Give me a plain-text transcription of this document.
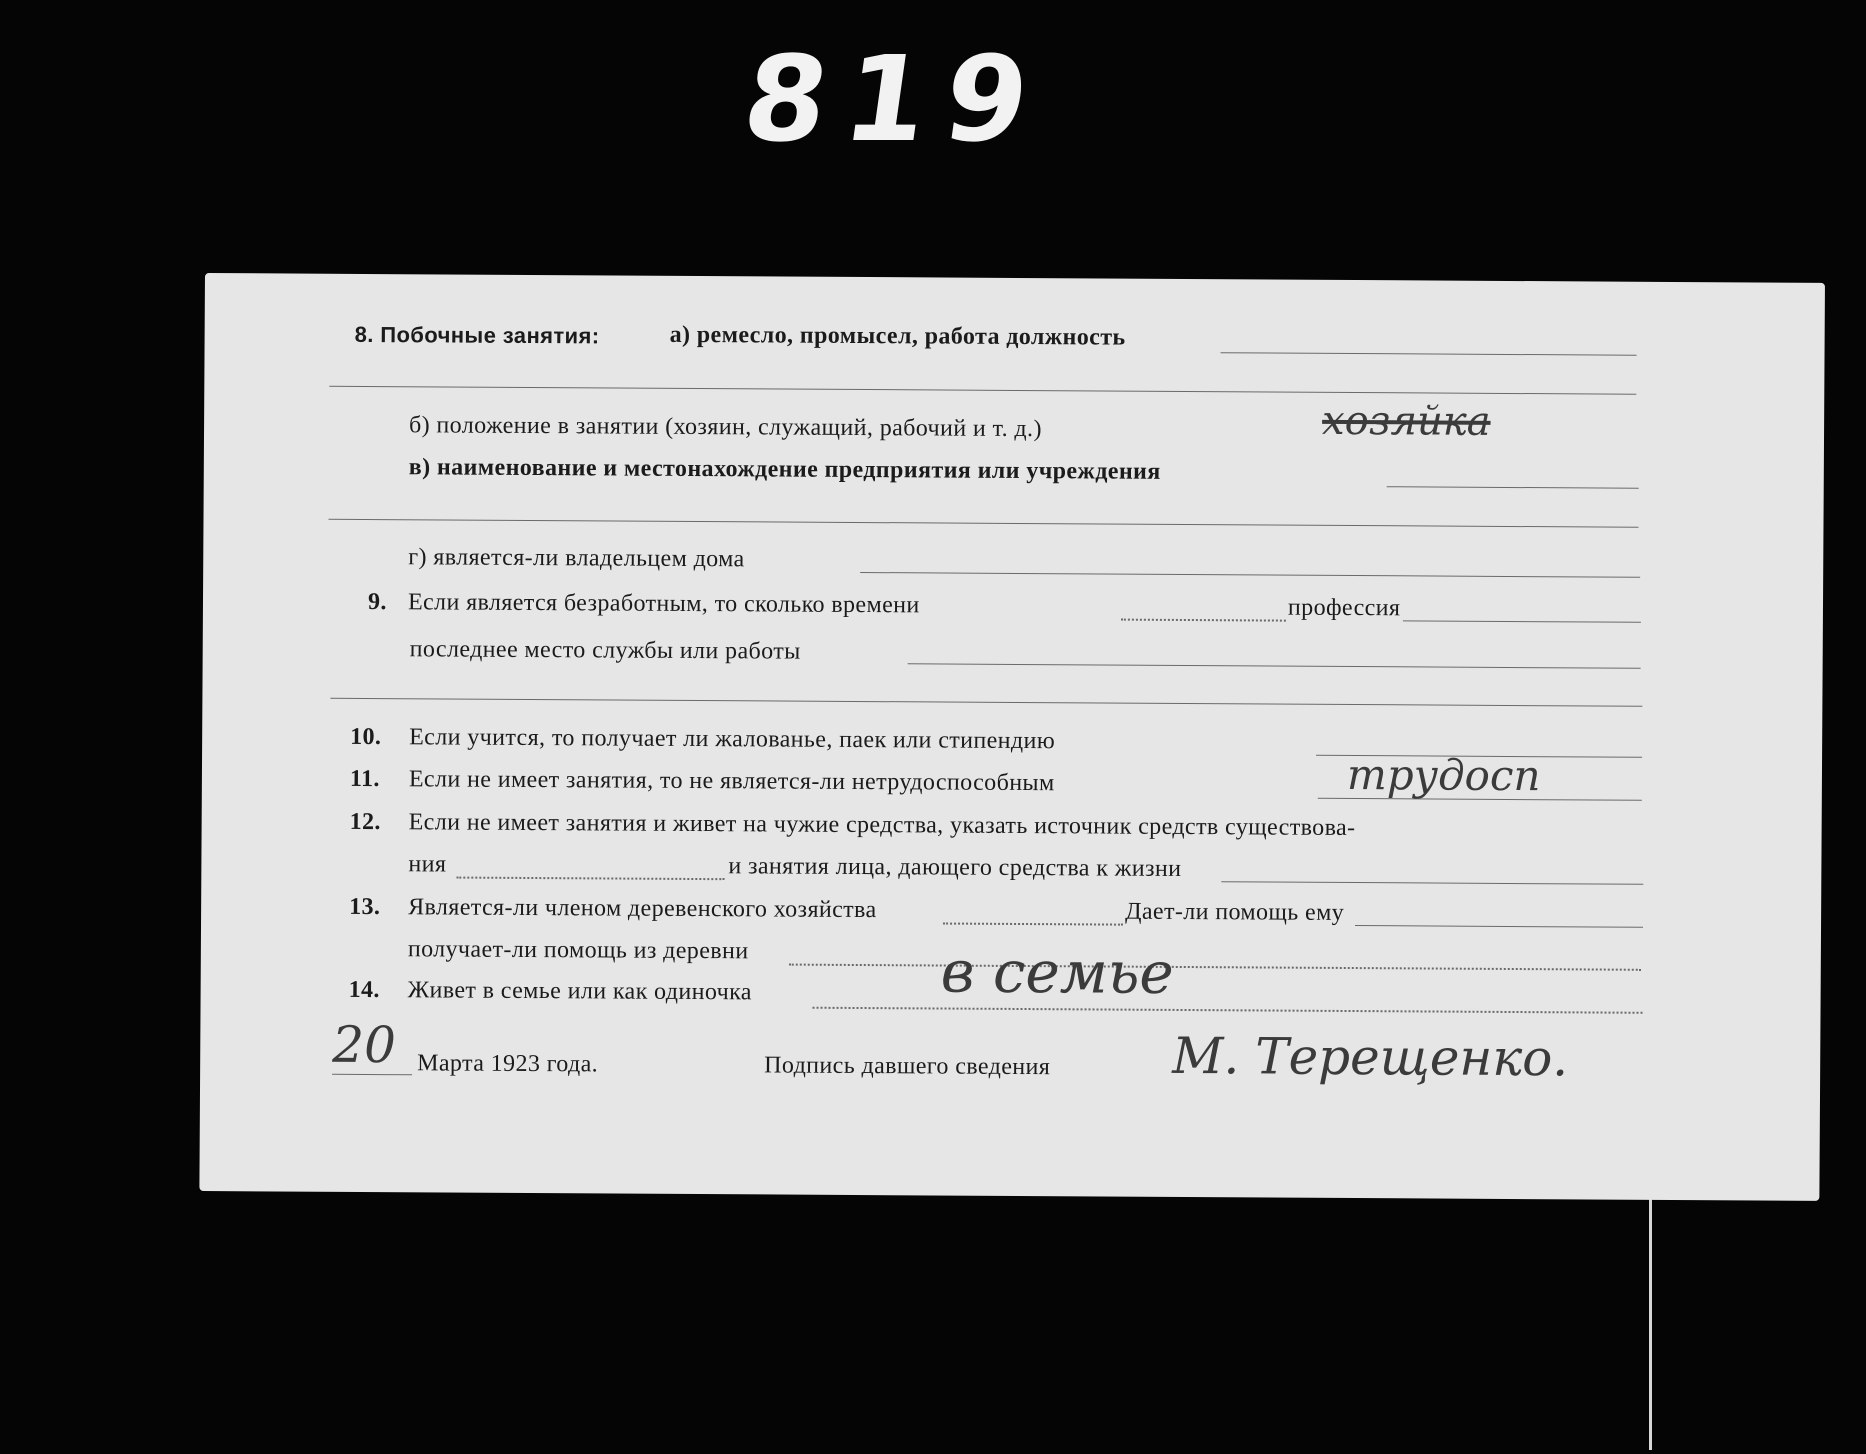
819
8. Побочные занятия:	а) ремесло, промысел, работа должность
б) положение в занятии (хозяин, служащий, рабочий и т. д.)	хозяйка
в) наименование и местонахождение предприятия или учреждения
г) является-ли владельцем дома
9. Если является безработным, то сколько времени	профессия
последнее место службы или работы
10. Если учится, то получает ли жалованье, паек или стипендию
11. Если не имеет занятия, то не является-ли нетрудоспособным	трудосп
12. Если не имеет занятия и живет на чужие средства, указать источник средств существова-
ния	и занятия лица, дающего средства к жизни
13. Является-ли членом деревенского хозяйства	Дает-ли помощь ему
получает-ли помощь из деревни
14. Живет в семье или как одиночка	в семье
20 Марта 1923 года.	Подпись давшего сведения М. Терещенко.
